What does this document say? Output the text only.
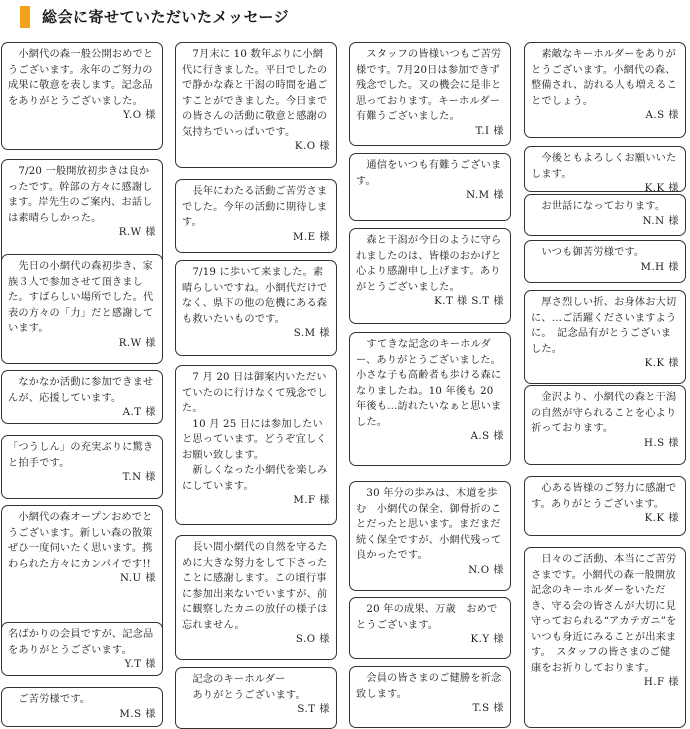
総会に寄せていただいたメッセージ
　小網代の森一般公開おめでとうございます。永年のご努力の成果に敬意を表します。記念品をありがとうございました。
Y.O 様
　7/20 一般開放初歩きは良かったです。幹部の方々に感謝します。岸先生のご案内、お話しは素晴らしかった。
R.W 様
　先日の小網代の森初歩き、家族３人で参加させて頂きました。すばらしい場所でした。代表の方々の「力」だと感謝しています。
R.W 様
　なかなか活動に参加できませんが、応援しています。
A.T 様
「つうしん」の充実ぶりに驚きと拍手です。
T.N 様
　小網代の森オープンおめでとうございます。新しい森の散策ぜひ一度伺いたく思います。携わられた方々にカンパイです!!
N.U 様
名ばかりの会員ですが、記念品をありがとうございます。
Y.T 様
　ご苦労様です。
M.S 様
　7月末に 10 数年ぶりに小網代に行きました。平日でしたので静かな森と干潟の時間を過ごすことができました。今日までの皆さんの活動に敬意と感謝の気持ちでいっぱいです。
K.O 様
　長年にわたる活動ご苦労さまでした。今年の活動に期待します。
M.E 様
　7/19 に歩いて来ました。素晴らしいですね。小網代だけでなく、県下の他の危機にある森も救いたいものです。
S.M 様
　7 月 20 日は御案内いただいていたのに行けなくて残念でした。
　10 月 25 日には参加したいと思っています。どうぞ宜しくお願い致します。
　新しくなった小網代を楽しみにしています。
M.F 様
　長い間小網代の自然を守るために大きな努力をして下さったことに感謝します。この頃行事に参加出来ないでいますが、前に観察したカニの放仔の様子は忘れません。
S.O 様
　記念のキーホルダー
　ありがとうございます。
S.T 様
　スタッフの皆様いつもご苦労様です。7月20日は参加できず残念でした。又の機会に是非と思っております。キーホルダー有難うございました。
T.I 様
　通信をいつも有難うございます。
N.M 様
　森と干潟が今日のように守られましたのは、皆様のおかげと心より感謝申し上げます。ありがとうございました。
K.T 様 S.T 様
　すてきな記念のキーホルダー、ありがとうございました。小さな子も高齢者も歩ける森になりましたね。10 年後も 20 年後も…訪れたいなぁと思いました。
A.S 様
　30 年分の歩みは、木道を歩む　小網代の保全、御骨折のことだったと思います。まだまだ続く保全ですが、小網代残って良かったです。
N.O 様
　20 年の成果、万歳　おめでとうございます。
K.Y 様
　会員の皆さまのご健勝を祈念致します。
T.S 様
　素敵なキーホルダーをありがとうございます。小網代の森、整備され、訪れる人も増えることでしょう。
A.S 様
　今後ともよろしくお願いいたします。
K.K 様
　お世話になっております。
N.N 様
　いつも御苦労様です。
M.H 様
　厚さ烈しい折、お身体お大切に、…ご活躍くださいますように。　記念品有がとうございました。
K.K 様
　金沢より、小網代の森と干潟の自然が守られることを心より祈っております。
H.S 様
　心ある皆様のご努力に感謝です。ありがとうございます。
K.K 様
　日々のご活動、本当にご苦労さまです。小網代の森一般開放記念のキーホルダーをいただき、守る会の皆さんが大切に見守っておられる“アカテガニ”をいつも身近にみることが出来ます。　スタッフの皆さまのご健康をお祈りしております。
H.F 様
